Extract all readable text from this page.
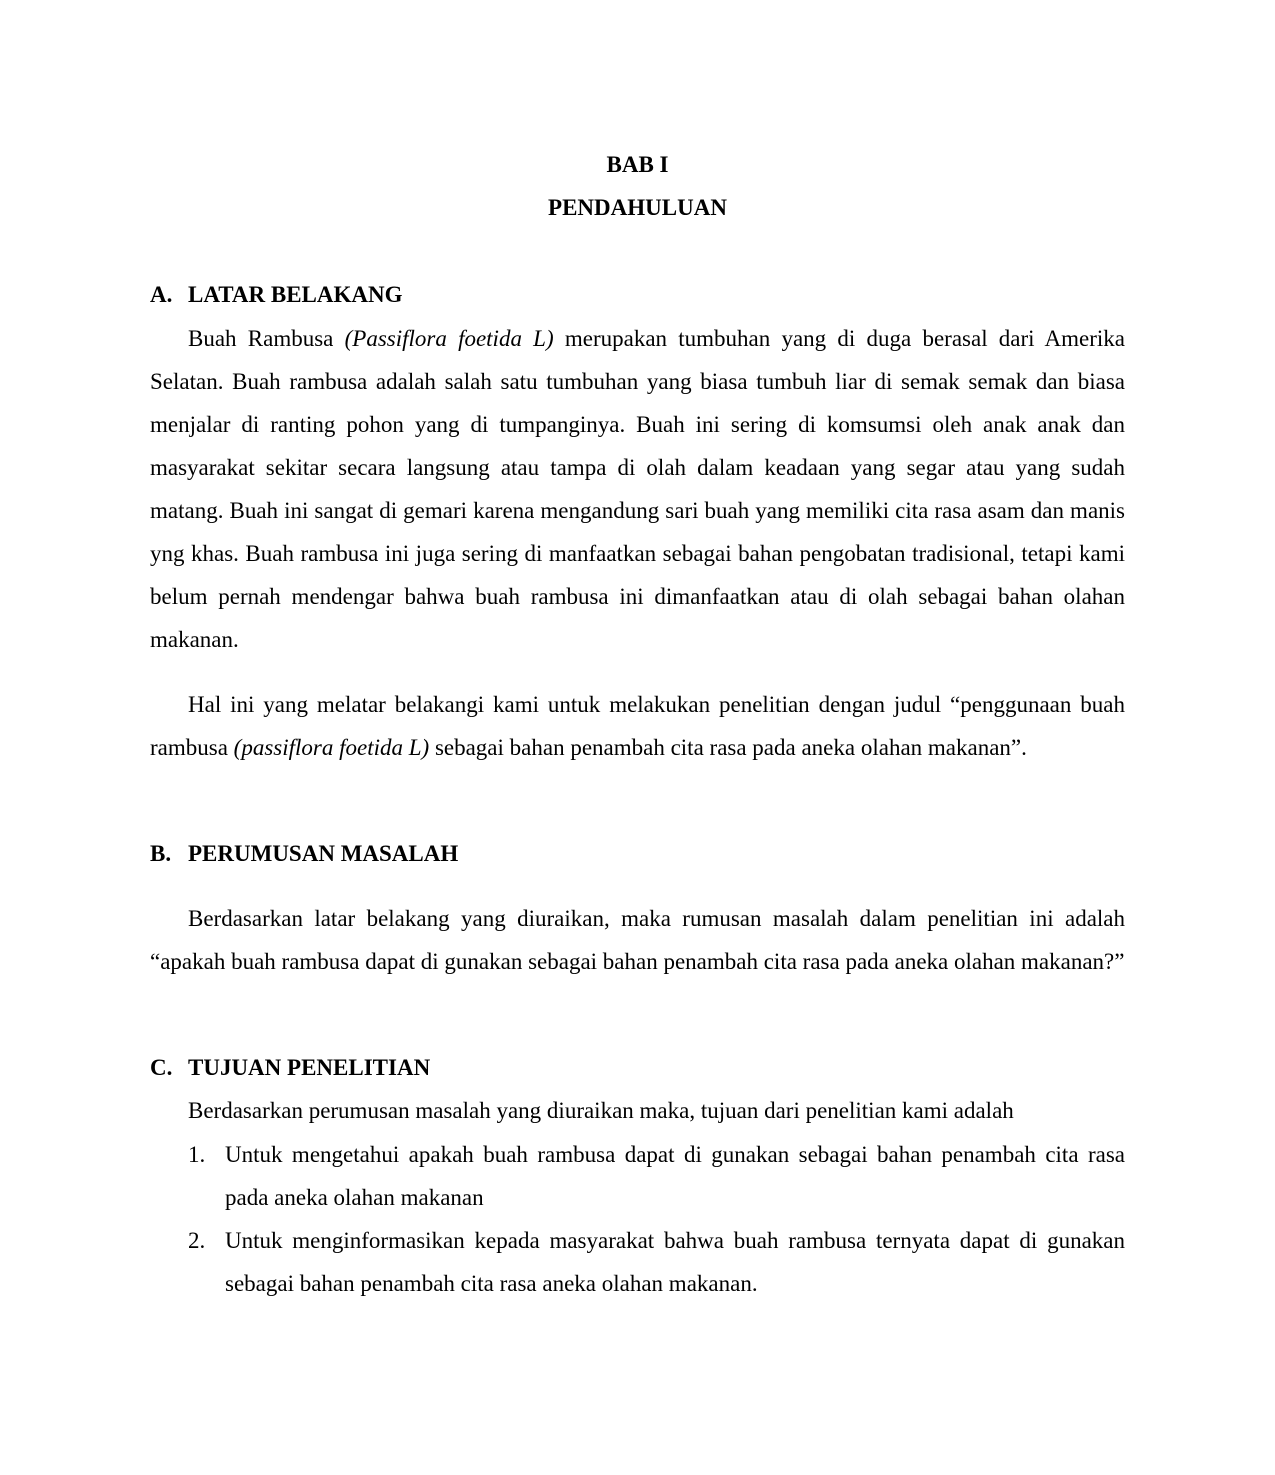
BAB I

PENDAHULUAN

A. LATAR BELAKANG

Buah Rambusa (Passiflora foetida L) merupakan tumbuhan yang di duga berasal dari Amerika Selatan. Buah rambusa adalah salah satu tumbuhan yang biasa tumbuh liar di semak semak dan biasa menjalar di ranting pohon yang di tumpanginya. Buah ini sering di komsumsi oleh anak anak dan masyarakat sekitar secara langsung atau tampa di olah dalam keadaan yang segar atau yang sudah matang. Buah ini sangat di gemari karena mengandung sari buah yang memiliki cita rasa asam dan manis yng khas. Buah rambusa ini juga sering di manfaatkan sebagai bahan pengobatan tradisional, tetapi kami belum pernah mendengar bahwa buah rambusa ini dimanfaatkan atau di olah sebagai bahan olahan makanan.

Hal ini yang melatar belakangi kami untuk melakukan penelitian dengan judul “penggunaan buah rambusa (passiflora foetida L) sebagai bahan penambah cita rasa pada aneka olahan makanan”.

B. PERUMUSAN MASALAH

Berdasarkan latar belakang yang diuraikan, maka rumusan masalah dalam penelitian ini adalah “apakah buah rambusa dapat di gunakan sebagai bahan penambah cita rasa pada aneka olahan makanan?”

C. TUJUAN PENELITIAN

Berdasarkan perumusan masalah yang diuraikan maka, tujuan dari penelitian kami adalah

1. Untuk mengetahui apakah buah rambusa dapat di gunakan sebagai bahan penambah cita rasa pada aneka olahan makanan
2. Untuk menginformasikan kepada masyarakat bahwa buah rambusa ternyata dapat di gunakan sebagai bahan penambah cita rasa aneka olahan makanan.
